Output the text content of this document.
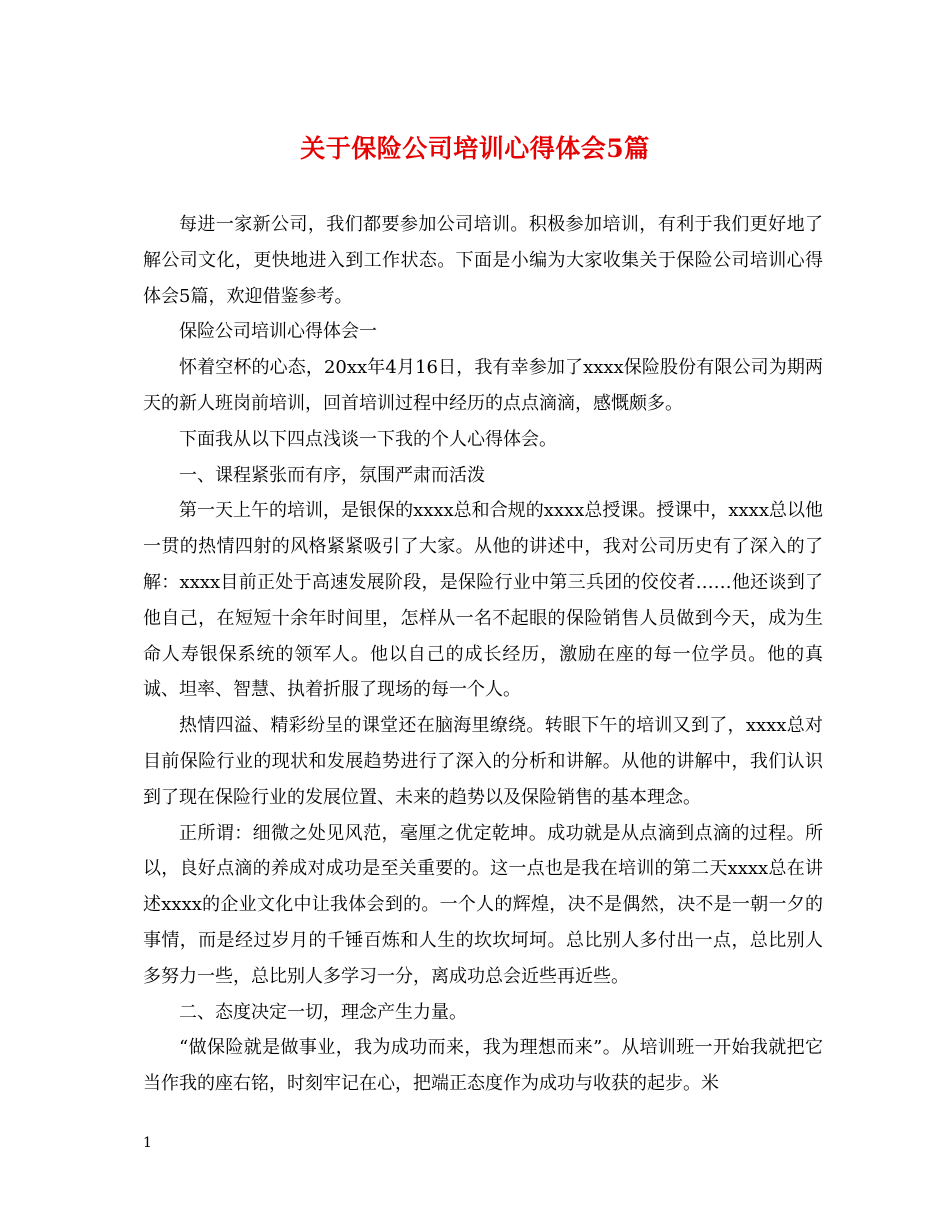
关于保险公司培训心得体会5篇

每进一家新公司，我们都要参加公司培训。积极参加培训，有利于我们更好地了解公司文化，更快地进入到工作状态。下面是小编为大家收集关于保险公司培训心得体会5篇，欢迎借鉴参考。

保险公司培训心得体会一

怀着空杯的心态，20xx年4月16日，我有幸参加了xxxx保险股份有限公司为期两天的新人班岗前培训，回首培训过程中经历的点点滴滴，感慨颇多。

下面我从以下四点浅谈一下我的个人心得体会。

一、课程紧张而有序，氛围严肃而活泼

第一天上午的培训，是银保的xxxx总和合规的xxxx总授课。授课中，xxxx总以他一贯的热情四射的风格紧紧吸引了大家。从他的讲述中，我对公司历史有了深入的了解：xxxx目前正处于高速发展阶段，是保险行业中第三兵团的佼佼者……他还谈到了他自己，在短短十余年时间里，怎样从一名不起眼的保险销售人员做到今天，成为生命人寿银保系统的领军人。他以自己的成长经历，激励在座的每一位学员。他的真诚、坦率、智慧、执着折服了现场的每一个人。

热情四溢、精彩纷呈的课堂还在脑海里缭绕。转眼下午的培训又到了，xxxx总对目前保险行业的现状和发展趋势进行了深入的分析和讲解。从他的讲解中，我们认识到了现在保险行业的发展位置、未来的趋势以及保险销售的基本理念。

正所谓：细微之处见风范，毫厘之优定乾坤。成功就是从点滴到点滴的过程。所以，良好点滴的养成对成功是至关重要的。这一点也是我在培训的第二天xxxx总在讲述xxxx的企业文化中让我体会到的。一个人的辉煌，决不是偶然，决不是一朝一夕的事情，而是经过岁月的千锤百炼和人生的坎坎坷坷。总比别人多付出一点，总比别人多努力一些，总比别人多学习一分，离成功总会近些再近些。

二、态度决定一切，理念产生力量。

“做保险就是做事业，我为成功而来，我为理想而来”。从培训班一开始我就把它当作我的座右铭，时刻牢记在心，把端正态度作为成功与收获的起步。米

1
